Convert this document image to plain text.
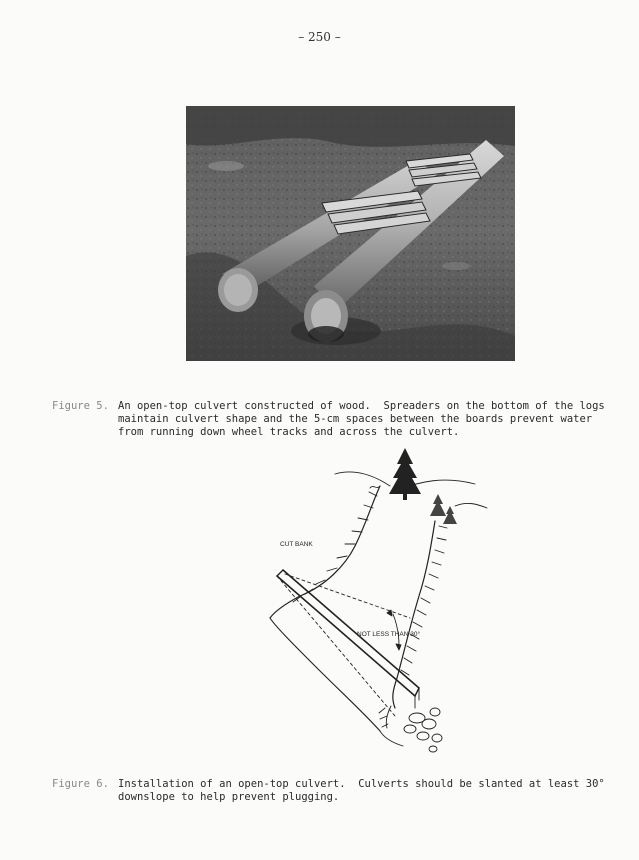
– 250 –
Figure 5. An open-top culvert constructed of wood.  Spreaders on the bottom of the logs
maintain culvert shape and the 5-cm spaces between the boards prevent water
from running down wheel tracks and across the culvert.
CUT BANK
NOT LESS THAN 30°
Figure 6. Installation of an open-top culvert.  Culverts should be slanted at least 30°
downslope to help prevent plugging.
